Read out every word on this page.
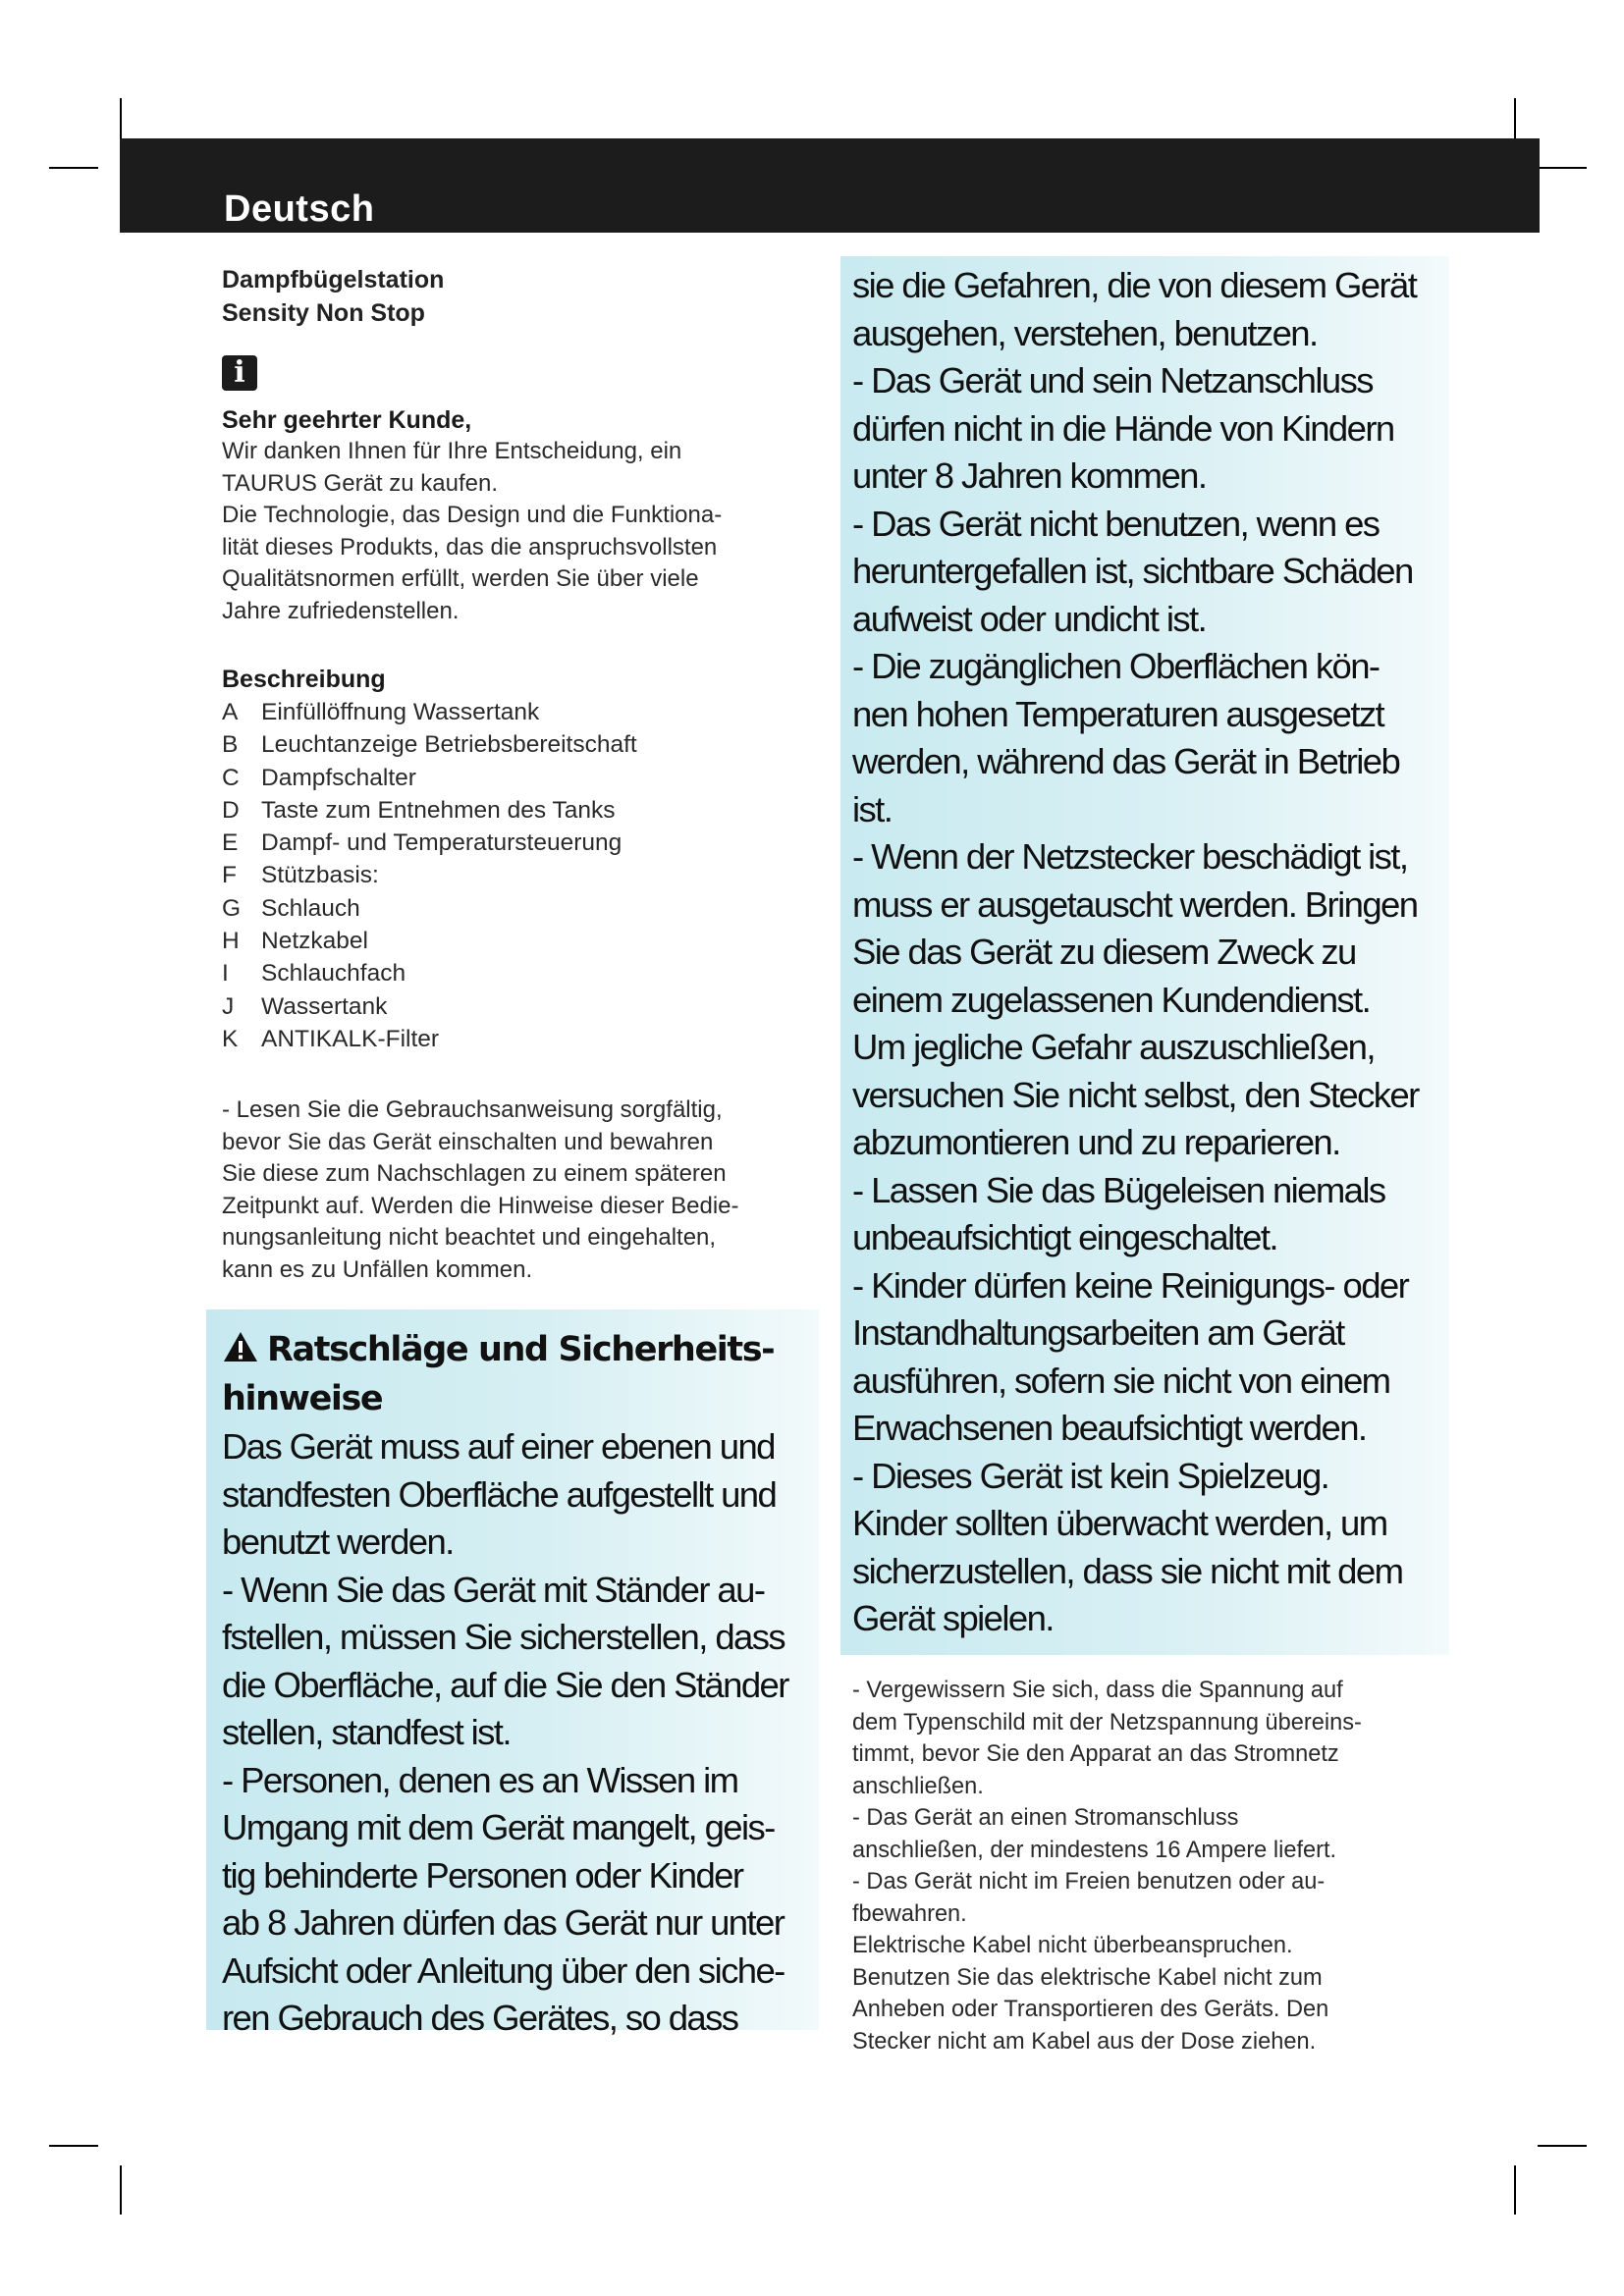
Deutsch
Dampfbügelstation
Sensity Non Stop
i
Sehr geehrter Kunde,
Wir danken Ihnen für Ihre Entscheidung, ein
TAURUS Gerät zu kaufen.
Die Technologie, das Design und die Funktiona-
lität dieses Produkts, das die anspruchsvollsten
Qualitätsnormen erfüllt, werden Sie über viele
Jahre zufriedenstellen.
Beschreibung
A Einfüllöffnung Wassertank
B Leuchtanzeige Betriebsbereitschaft
C Dampfschalter
D Taste zum Entnehmen des Tanks
E Dampf- und Temperatursteuerung
F	Stützbasis:
G Schlauch
H Netzkabel
I	Schlauchfach
J	Wassertank
K ANTIKALK-Filter
- Lesen Sie die Gebrauchsanweisung sorgfältig,
bevor Sie das Gerät einschalten und bewahren
Sie diese zum Nachschlagen zu einem späteren
Zeitpunkt auf. Werden die Hinweise dieser Bedie-
nungsanleitung nicht beachtet und eingehalten,
kann es zu Unfällen kommen.
Ratschläge und Sicherheits-
hinweise
Das Gerät muss auf einer ebenen und
standfesten Oberfläche aufgestellt und
benutzt werden.
- Wenn Sie das Gerät mit Ständer au-
fstellen, müssen Sie sicherstellen, dass
die Oberfläche, auf die Sie den Ständer
stellen, standfest ist.
- Personen, denen es an Wissen im
Umgang mit dem Gerät mangelt, geis-
tig behinderte Personen oder Kinder
ab 8 Jahren dürfen das Gerät nur unter
Aufsicht oder Anleitung über den siche-
ren Gebrauch des Gerätes, so dass
sie die Gefahren, die von diesem Gerät
ausgehen, verstehen, benutzen.
- Das Gerät und sein Netzanschluss
dürfen nicht in die Hände von Kindern
unter 8 Jahren kommen.
- Das Gerät nicht benutzen, wenn es
heruntergefallen ist, sichtbare Schäden
aufweist oder undicht ist.
- Die zugänglichen Oberflächen kön-
nen hohen Temperaturen ausgesetzt
werden, während das Gerät in Betrieb
ist.
- Wenn der Netzstecker beschädigt ist,
muss er ausgetauscht werden. Bringen
Sie das Gerät zu diesem Zweck zu
einem zugelassenen Kundendienst.
Um jegliche Gefahr auszuschließen,
versuchen Sie nicht selbst, den Stecker
abzumontieren und zu reparieren.
- Lassen Sie das Bügeleisen niemals
unbeaufsichtigt eingeschaltet.
- Kinder dürfen keine Reinigungs- oder
Instandhaltungsarbeiten am Gerät
ausführen, sofern sie nicht von einem
Erwachsenen beaufsichtigt werden.
- Dieses Gerät ist kein Spielzeug.
Kinder sollten überwacht werden, um
sicherzustellen, dass sie nicht mit dem
Gerät spielen.
- Vergewissern Sie sich, dass die Spannung auf
dem Typenschild mit der Netzspannung übereins-
timmt, bevor Sie den Apparat an das Stromnetz
anschließen.
- Das Gerät an einen Stromanschluss
anschließen, der mindestens 16 Ampere liefert.
- Das Gerät nicht im Freien benutzen oder au-
fbewahren.
Elektrische Kabel nicht überbeanspruchen.
Benutzen Sie das elektrische Kabel nicht zum
Anheben oder Transportieren des Geräts. Den
Stecker nicht am Kabel aus der Dose ziehen.
